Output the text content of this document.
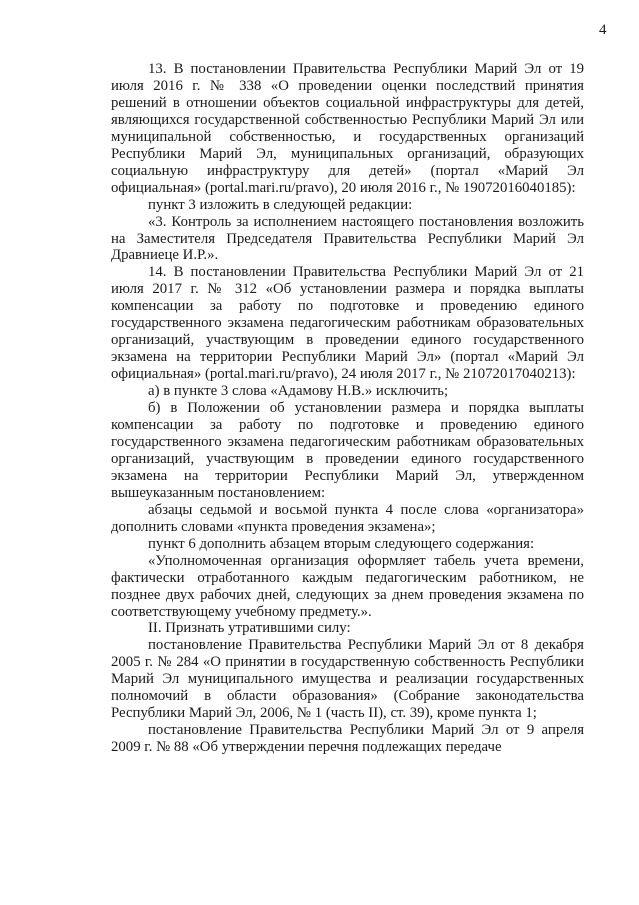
4

13. В постановлении Правительства Республики Марий Эл от 19 июля 2016 г. № 338 «О проведении оценки последствий принятия решений в отношении объектов социальной инфраструктуры для детей, являющихся государственной собственностью Республики Марий Эл или муниципальной собственностью, и государственных организаций Республики Марий Эл, муниципальных организаций, образующих социальную инфраструктуру для детей» (портал «Марий Эл официальная» (portal.mari.ru/pravo), 20 июля 2016 г., № 19072016040185):

пункт 3 изложить в следующей редакции:

«3. Контроль за исполнением настоящего постановления возложить на Заместителя Председателя Правительства Республики Марий Эл Дравниеце И.Р.».

14. В постановлении Правительства Республики Марий Эл от 21 июля 2017 г. № 312 «Об установлении размера и порядка выплаты компенсации за работу по подготовке и проведению единого государственного экзамена педагогическим работникам образовательных организаций, участвующим в проведении единого государственного экзамена на территории Республики Марий Эл» (портал «Марий Эл официальная» (portal.mari.ru/pravo), 24 июля 2017 г., № 21072017040213):

а) в пункте 3 слова «Адамову Н.В.» исключить;

б) в Положении об установлении размера и порядка выплаты компенсации за работу по подготовке и проведению единого государственного экзамена педагогическим работникам образовательных организаций, участвующим в проведении единого государственного экзамена на территории Республики Марий Эл, утвержденном вышеуказанным постановлением:

абзацы седьмой и восьмой пункта 4 после слова «организатора» дополнить словами «пункта проведения экзамена»;

пункт 6 дополнить абзацем вторым следующего содержания:

«Уполномоченная организация оформляет табель учета времени, фактически отработанного каждым педагогическим работником, не позднее двух рабочих дней, следующих за днем проведения экзамена по соответствующему учебному предмету.».

II. Признать утратившими силу:

постановление Правительства Республики Марий Эл от 8 декабря 2005 г. № 284 «О принятии в государственную собственность Республики Марий Эл муниципального имущества и реализации государственных полномочий в области образования» (Собрание законодательства Республики Марий Эл, 2006, № 1 (часть II), ст. 39), кроме пункта 1;

постановление Правительства Республики Марий Эл от 9 апреля 2009 г. № 88 «Об утверждении перечня подлежащих передаче
